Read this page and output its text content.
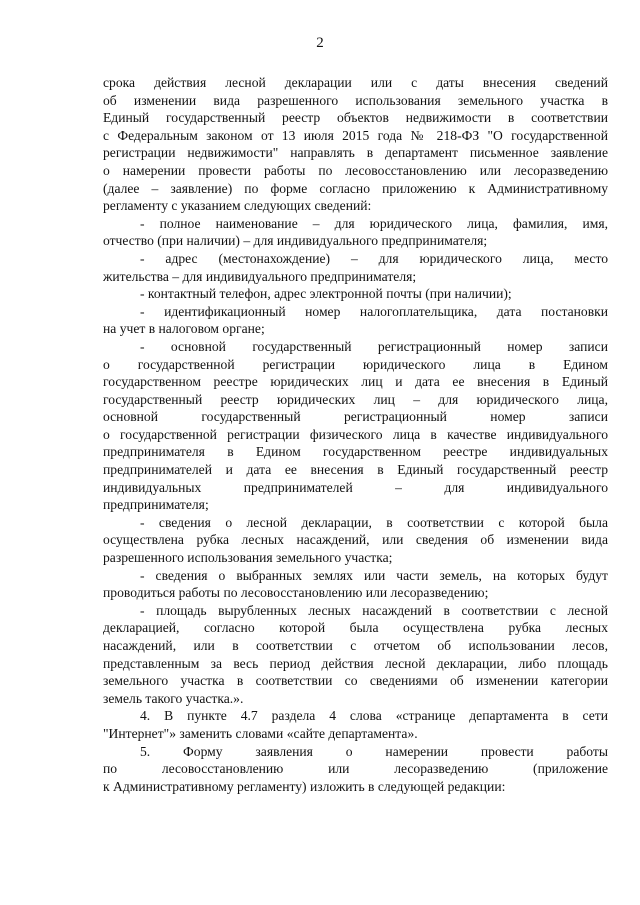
2
срока действия лесной декларации или с даты внесения сведений
об изменении вида разрешенного использования земельного участка в
Единый государственный реестр объектов недвижимости в соответствии
с Федеральным законом от 13 июля 2015 года № 218-ФЗ "О государственной
регистрации недвижимости" направлять в департамент письменное заявление
о намерении провести работы по лесовосстановлению или лесоразведению
(далее – заявление) по форме согласно приложению к Административному
регламенту с указанием следующих сведений:
- полное наименование – для юридического лица, фамилия, имя,
отчество (при наличии) – для индивидуального предпринимателя;
- адрес (местонахождение) – для юридического лица, место
жительства – для индивидуального предпринимателя;
- контактный телефон, адрес электронной почты (при наличии);
- идентификационный номер налогоплательщика, дата постановки
на учет в налоговом органе;
- основной государственный регистрационный номер записи
о государственной регистрации юридического лица в Едином
государственном реестре юридических лиц и дата ее внесения в Единый
государственный реестр юридических лиц – для юридического лица,
основной государственный регистрационный номер записи
о государственной регистрации физического лица в качестве индивидуального
предпринимателя в Едином государственном реестре индивидуальных
предпринимателей и дата ее внесения в Единый государственный реестр
индивидуальных предпринимателей – для индивидуального
предпринимателя;
- сведения о лесной декларации, в соответствии с которой была
осуществлена рубка лесных насаждений, или сведения об изменении вида
разрешенного использования земельного участка;
- сведения о выбранных землях или части земель, на которых будут
проводиться работы по лесовосстановлению или лесоразведению;
- площадь вырубленных лесных насаждений в соответствии с лесной
декларацией, согласно которой была осуществлена рубка лесных
насаждений, или в соответствии с отчетом об использовании лесов,
представленным за весь период действия лесной декларации, либо площадь
земельного участка в соответствии со сведениями об изменении категории
земель такого участка.».
4. В пункте 4.7 раздела 4 слова «странице департамента в сети
"Интернет"» заменить словами «сайте департамента».
5. Форму заявления о намерении провести работы
по лесовосстановлению или лесоразведению (приложение
к Административному регламенту) изложить в следующей редакции:
